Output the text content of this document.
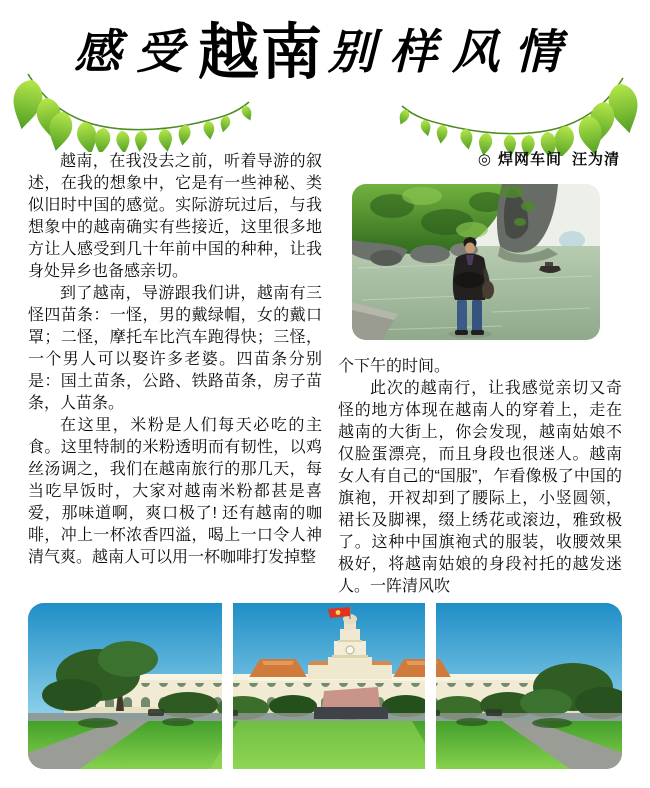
感受越南别样风情

越南，在我没去之前，听着导游的叙述，在我的想象中，它是有一些神秘、类似旧时中国的感觉。实际游玩过后，与我想象中的越南确实有些接近，这里很多地方让人感受到几十年前中国的种种，让我身处异乡也备感亲切。

到了越南，导游跟我们讲，越南有三怪四苗条：一怪，男的戴绿帽，女的戴口罩；二怪，摩托车比汽车跑得快；三怪，一个男人可以娶许多老婆。四苗条分别是：国土苗条，公路、铁路苗条，房子苗条，人苗条。

在这里，米粉是人们每天必吃的主食。这里特制的米粉透明而有韧性，以鸡丝汤调之，我们在越南旅行的那几天，每当吃早饭时，大家对越南米粉都甚是喜爱，那味道啊，爽口极了! 还有越南的咖啡，冲上一杯浓香四溢，喝上一口令人神清气爽。越南人可以用一杯咖啡打发掉整

◎ 焊网车间 汪为清

个下午的时间。

此次的越南行，让我感觉亲切又奇怪的地方体现在越南人的穿着上，走在越南的大街上，你会发现，越南姑娘不仅脸蛋漂亮，而且身段也很迷人。越南女人有自己的“国服”，乍看像极了中国的旗袍，开衩却到了腰际上，小竖圆领，裙长及脚裸，缀上绣花或滚边，雅致极了。这种中国旗袍式的服装，收腰效果极好，将越南姑娘的身段衬托的越发迷人。一阵清风吹
